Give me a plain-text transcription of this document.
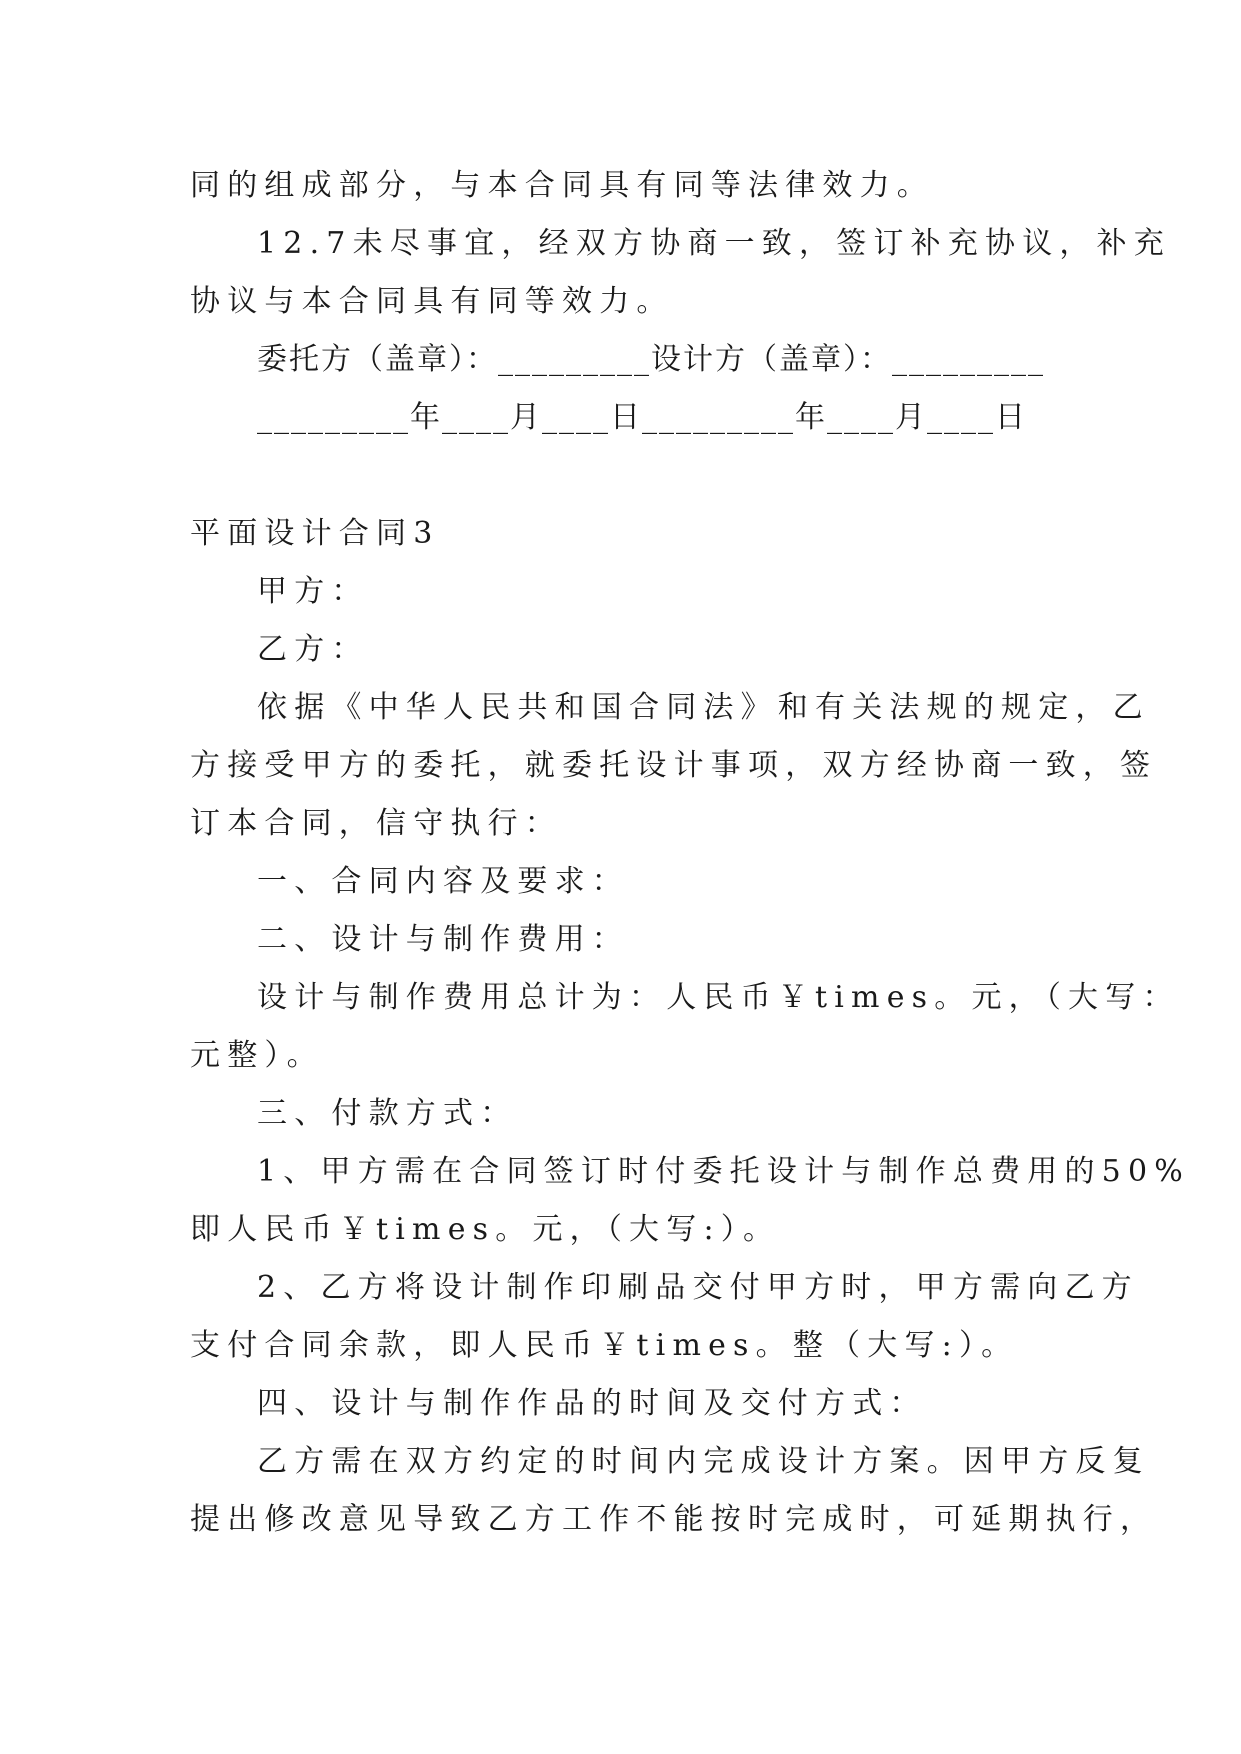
同的组成部分，与本合同具有同等法律效力。
12.7未尽事宜，经双方协商一致，签订补充协议，补充
协议与本合同具有同等效力。
委托方（盖章）：_________设计方（盖章）：_________
_________年____月____日_________年____月____日
平面设计合同3
甲方：
乙方：
依据《中华人民共和国合同法》和有关法规的规定，乙
方接受甲方的委托，就委托设计事项，双方经协商一致，签
订本合同，信守执行：
一、合同内容及要求：
二、设计与制作费用：
设计与制作费用总计为：人民币￥times。元，（大写：
元整）。
三、付款方式：
1、甲方需在合同签订时付委托设计与制作总费用的50%
即人民币￥times。元，（大写:）。
2、乙方将设计制作印刷品交付甲方时，甲方需向乙方
支付合同余款，即人民币￥times。整（大写:）。
四、设计与制作作品的时间及交付方式：
乙方需在双方约定的时间内完成设计方案。因甲方反复
提出修改意见导致乙方工作不能按时完成时，可延期执行，
